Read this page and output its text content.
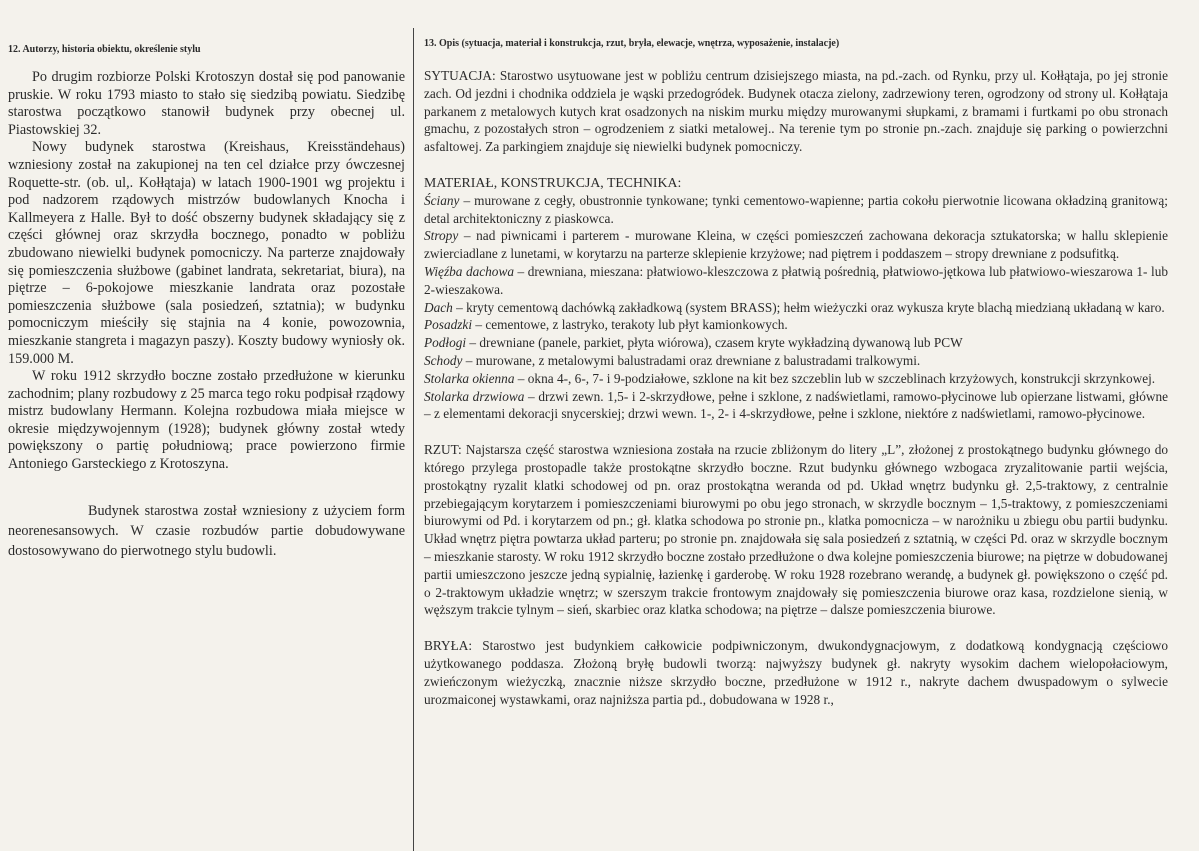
12. Autorzy, historia obiektu, określenie stylu

Po drugim rozbiorze Polski Krotoszyn dostał się pod panowanie pruskie. W roku 1793 miasto to stało się siedzibą powiatu. Siedzibę starostwa początkowo stanowił budynek przy obecnej ul. Piastowskiej 32.

Nowy budynek starostwa (Kreishaus, Kreisständehaus) wzniesiony został na zakupionej na ten cel działce przy ówczesnej Roquette-str. (ob. ul,. Kołłątaja) w latach 1900-1901 wg projektu i pod nadzorem rządowych mistrzów budowlanych Knocha i Kallmeyera z Halle. Był to dość obszerny budynek składający się z części głównej oraz skrzydła bocznego, ponadto w pobliżu zbudowano niewielki budynek pomocniczy. Na parterze znajdowały się pomieszczenia służbowe (gabinet landrata, sekretariat, biura), na piętrze – 6-pokojowe mieszkanie landrata oraz pozostałe pomieszczenia służbowe (sala posiedzeń, sztatnia); w budynku pomocniczym mieściły się stajnia na 4 konie, powozownia, mieszkanie stangreta i magazyn paszy). Koszty budowy wyniosły ok. 159.000 M.

W roku 1912 skrzydło boczne zostało przedłużone w kierunku zachodnim; plany rozbudowy z 25 marca tego roku podpisał rządowy mistrz budowlany Hermann. Kolejna rozbudowa miała miejsce w okresie międzywojennym (1928); budynek główny został wtedy powiększony o partię południową; prace powierzono firmie Antoniego Garsteckiego z Krotoszyna.

Budynek starostwa został wzniesiony z użyciem form neorenesansowych. W czasie rozbudów partie dobudowywane dostosowywano do pierwotnego stylu budowli.

13. Opis (sytuacja, materiał i konstrukcja, rzut, bryła, elewacje, wnętrza, wyposażenie, instalacje)
SYTUACJA: Starostwo usytuowane jest w pobliżu centrum dzisiejszego miasta, na pd.-zach. od Rynku, przy ul. Kołłątaja, po jej stronie zach. Od jezdni i chodnika oddziela je wąski przedogródek. Budynek otacza zielony, zadrzewiony teren, ogrodzony od strony ul. Kołłątaja parkanem z metalowych kutych krat osadzonych na niskim murku między murowanymi słupkami, z bramami i furtkami po obu stronach gmachu, z pozostałych stron – ogrodzeniem z siatki metalowej.. Na terenie tym po stronie pn.-zach. znajduje się parking o powierzchni asfaltowej. Za parkingiem znajduje się niewielki budynek pomocniczy.
MATERIAŁ, KONSTRUKCJA, TECHNIKA:
Ściany – murowane z cegły, obustronnie tynkowane; tynki cementowo-wapienne; partia cokołu pierwotnie licowana okładziną granitową; detal architektoniczny z piaskowca.
Stropy – nad piwnicami i parterem - murowane Kleina, w części pomieszczeń zachowana dekoracja sztukatorska; w hallu sklepienie zwierciadlane z lunetami, w korytarzu na parterze sklepienie krzyżowe; nad piętrem i poddaszem – stropy drewniane z podsufitką.
Więźba dachowa – drewniana, mieszana: płatwiowo-kleszczowa z płatwią pośrednią, płatwiowo-jętkowa lub płatwiowo-wieszarowa 1- lub 2-wieszakowa.
Dach – kryty cementową dachówką zakładkową (system BRASS); hełm wieżyczki oraz wykusza kryte blachą miedzianą układaną w karo.
Posadzki – cementowe, z lastryko, terakoty lub płyt kamionkowych.
Podłogi – drewniane (panele, parkiet, płyta wiórowa), czasem kryte wykładziną dywanową lub PCW
Schody – murowane, z metalowymi balustradami oraz drewniane z balustradami tralkowymi.
Stolarka okienna – okna 4-, 6-, 7- i 9-podziałowe, szklone na kit bez szczeblin lub w szczeblinach krzyżowych, konstrukcji skrzynkowej.
Stolarka drzwiowa – drzwi zewn. 1,5- i 2-skrzydłowe, pełne i szklone, z nadświetlami, ramowo-płycinowe lub opierzane listwami, główne – z elementami dekoracji snycerskiej; drzwi wewn. 1-, 2- i 4-skrzydłowe, pełne i szklone, niektóre z nadświetlami, ramowo-płycinowe.
RZUT: Najstarsza część starostwa wzniesiona została na rzucie zbliżonym do litery „L”, złożonej z prostokątnego budynku głównego do którego przylega prostopadle także prostokątne skrzydło boczne. Rzut budynku głównego wzbogaca zryzalitowanie partii wejścia, prostokątny ryzalit klatki schodowej od pn. oraz prostokątna weranda od pd. Układ wnętrz budynku gł. 2,5-traktowy, z centralnie przebiegającym korytarzem i pomieszczeniami biurowymi po obu jego stronach, w skrzydle bocznym – 1,5-traktowy, z pomieszczeniami biurowymi od Pd. i korytarzem od pn.; gł. klatka schodowa po stronie pn., klatka pomocnicza – w narożniku u zbiegu obu partii budynku. Układ wnętrz piętra powtarza układ parteru; po stronie pn. znajdowała się sala posiedzeń z sztatnią, w części Pd. oraz w skrzydle bocznym – mieszkanie starosty. W roku 1912 skrzydło boczne zostało przedłużone o dwa kolejne pomieszczenia biurowe; na piętrze w dobudowanej partii umieszczono jeszcze jedną sypialnię, łazienkę i garderobę. W roku 1928 rozebrano werandę, a budynek gł. powiększono o część pd. o 2-traktowym układzie wnętrz; w szerszym trakcie frontowym znajdowały się pomieszczenia biurowe oraz kasa, rozdzielone sienią, w węższym trakcie tylnym – sień, skarbiec oraz klatka schodowa; na piętrze – dalsze pomieszczenia biurowe.
BRYŁA: Starostwo jest budynkiem całkowicie podpiwniczonym, dwukondygnacjowym, z dodatkową kondygnacją częściowo użytkowanego poddasza. Złożoną bryłę budowli tworzą: najwyższy budynek gł. nakryty wysokim dachem wielopołaciowym, zwieńczonym wieżyczką, znacznie niższe skrzydło boczne, przedłużone w 1912 r., nakryte dachem dwuspadowym o sylwecie urozmaiconej wystawkami, oraz najniższa partia pd., dobudowana w 1928 r.,
